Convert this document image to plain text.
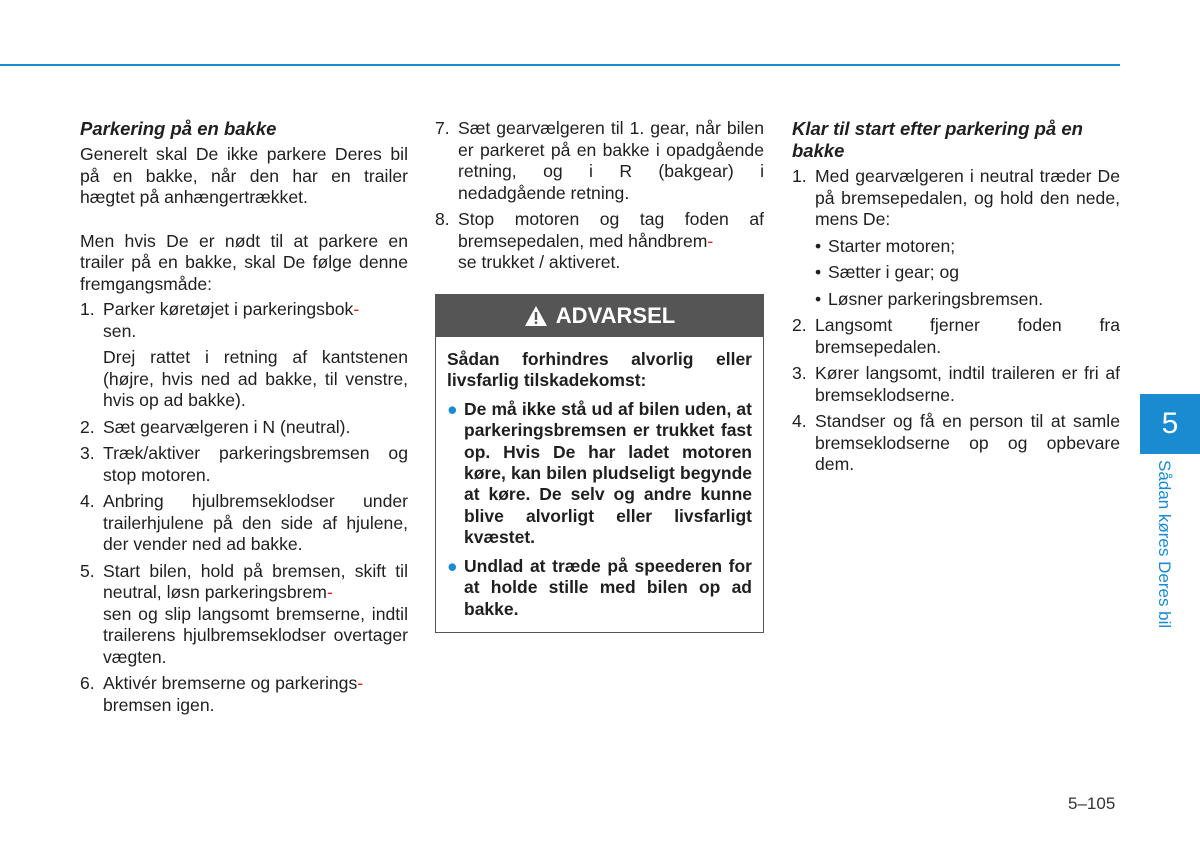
Parkering på en bakke

Generelt skal De ikke parkere Deres bil på en bakke, når den har en trailer hægtet på anhængertrækket.

Men hvis De er nødt til at parkere en trailer på en bakke, skal De følge denne fremgangsmåde:

1. Parker køretøjet i parkeringsbok-
sen.
Drej rattet i retning af kantstenen (højre, hvis ned ad bakke, til venstre, hvis op ad bakke).
2. Sæt gearvælgeren i N (neutral).
3. Træk/aktiver parkeringsbremsen og stop motoren.
4. Anbring hjulbremseklodser under trailerhjulene på den side af hjulene, der vender ned ad bakke.
5. Start bilen, hold på bremsen, skift til neutral, løsn parkeringsbrem-
sen og slip langsomt bremserne, indtil trailerens hjulbremseklodser overtager vægten.
6. Aktivér bremserne og parkerings-
bremsen igen.
7. Sæt gearvælgeren til 1. gear, når bilen er parkeret på en bakke i opadgående retning, og i R (bakgear) i nedadgående retning.
8. Stop motoren og tag foden af bremsepedalen, med håndbrem-
se trukket / aktiveret.
ADVARSEL

Sådan forhindres alvorlig eller livsfarlig tilskadekomst:

● De må ikke stå ud af bilen uden, at parkeringsbremsen er trukket fast op. Hvis De har ladet motoren køre, kan bilen pludseligt begynde at køre. De selv og andre kunne blive alvorligt eller livsfarligt kvæstet.
● Undlad at træde på speederen for at holde stille med bilen op ad bakke.
Klar til start efter parkering på en bakke
1. Med gearvælgeren i neutral træder De på bremsepedalen, og hold den nede, mens De:
• Starter motoren;
• Sætter i gear; og
• Løsner parkeringsbremsen.
2. Langsomt fjerner foden fra bremsepedalen.
3. Kører langsomt, indtil traileren er fri af bremseklodserne.
4. Standser og få en person til at samle bremseklodserne op og opbevare dem.
5
Sådan køres Deres bil
5–105
